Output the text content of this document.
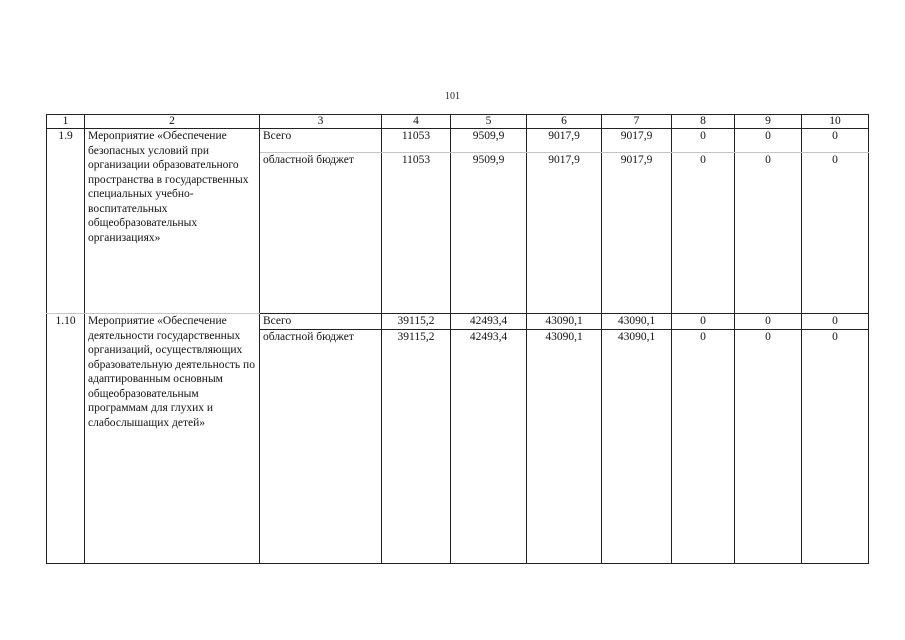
101
1	2	3	4	5	6	7	8	9	10
1.9	Мероприятие «Обеспечение безопасных условий при организации образовательного пространства в государственных специальных учебно-воспитательных общеобразовательных организациях»	Всего	11053	9509,9	9017,9	9017,9	0	0	0
		областной бюджет	11053	9509,9	9017,9	9017,9	0	0	0
1.10	Мероприятие «Обеспечение деятельности государственных организаций, осуществляющих образовательную деятельность по адаптированным основным общеобразовательным программам для глухих и слабослышащих детей»	Всего	39115,2	42493,4	43090,1	43090,1	0	0	0
		областной бюджет	39115,2	42493,4	43090,1	43090,1	0	0	0
